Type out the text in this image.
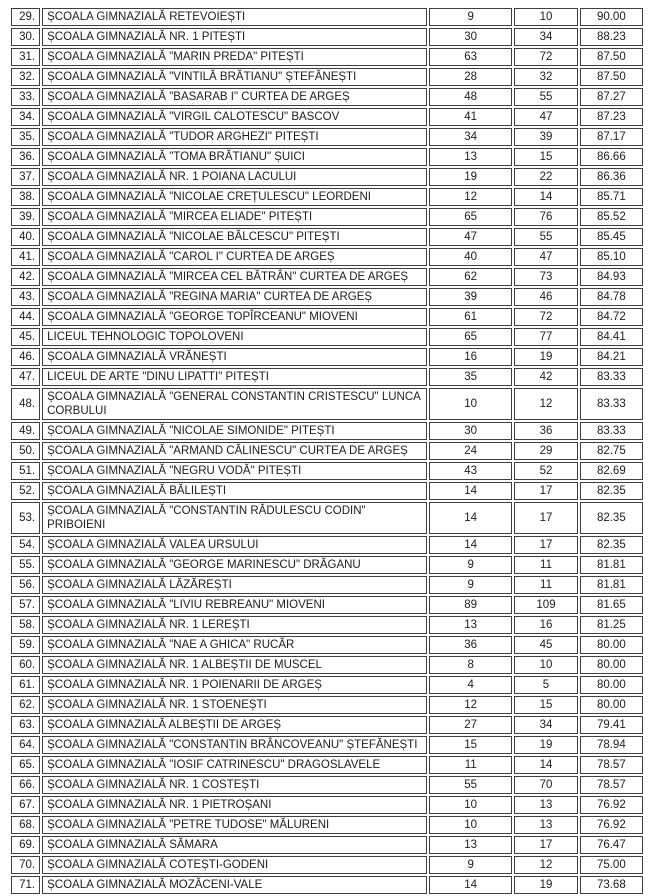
29.	ȘCOALA GIMNAZIALĂ RETEVOIEȘTI	9	10	90.00
30.	ȘCOALA GIMNAZIALĂ NR. 1 PITEȘTI	30	34	88.23
31.	ȘCOALA GIMNAZIALĂ "MARIN PREDA" PITEȘTI	63	72	87.50
32.	ȘCOALA GIMNAZIALĂ "VINTILĂ BRĂTIANU" ȘTEFĂNEȘTI	28	32	87.50
33.	ȘCOALA GIMNAZIALĂ "BASARAB I" CURTEA DE ARGEȘ	48	55	87.27
34.	ȘCOALA GIMNAZIALĂ "VIRGIL CALOTESCU" BASCOV	41	47	87.23
35.	ȘCOALA GIMNAZIALĂ "TUDOR ARGHEZI" PITEȘTI	34	39	87.17
36.	ȘCOALA GIMNAZIALĂ "TOMA BRĂTIANU" ȘUICI	13	15	86.66
37.	ȘCOALA GIMNAZIALĂ NR. 1 POIANA LACULUI	19	22	86.36
38.	ȘCOALA GIMNAZIALĂ "NICOLAE CREȚULESCU" LEORDENI	12	14	85.71
39.	ȘCOALA GIMNAZIALĂ "MIRCEA ELIADE" PITEȘTI	65	76	85.52
40.	ȘCOALA GIMNAZIALĂ "NICOLAE BĂLCESCU" PITEȘTI	47	55	85.45
41.	ȘCOALA GIMNAZIALĂ "CAROL I" CURTEA DE ARGEȘ	40	47	85.10
42.	ȘCOALA GIMNAZIALĂ "MIRCEA CEL BĂTRÂN" CURTEA DE ARGEȘ	62	73	84.93
43.	ȘCOALA GIMNAZIALĂ "REGINA MARIA" CURTEA DE ARGEȘ	39	46	84.78
44.	ȘCOALA GIMNAZIALĂ "GEORGE TOPÎRCEANU" MIOVENI	61	72	84.72
45.	LICEUL TEHNOLOGIC TOPOLOVENI	65	77	84.41
46.	ȘCOALA GIMNAZIALĂ VRĂNEȘTI	16	19	84.21
47.	LICEUL DE ARTE "DINU LIPATTI" PITEȘTI	35	42	83.33
48.	ȘCOALA GIMNAZIALĂ "GENERAL CONSTANTIN CRISTESCU" LUNCA CORBULUI	10	12	83.33
49.	ȘCOALA GIMNAZIALĂ "NICOLAE SIMONIDE" PITEȘTI	30	36	83.33
50.	ȘCOALA GIMNAZIALĂ "ARMAND CĂLINESCU" CURTEA DE ARGEȘ	24	29	82.75
51.	ȘCOALA GIMNAZIALĂ "NEGRU VODĂ" PITEȘTI	43	52	82.69
52.	ȘCOALA GIMNAZIALĂ BĂLILEȘTI	14	17	82.35
53.	ȘCOALA GIMNAZIALĂ "CONSTANTIN RĂDULESCU CODIN" PRIBOIENI	14	17	82.35
54.	ȘCOALA GIMNAZIALĂ VALEA URSULUI	14	17	82.35
55.	ȘCOALA GIMNAZIALĂ "GEORGE MARINESCU" DRĂGANU	9	11	81.81
56.	ȘCOALA GIMNAZIALĂ LĂZĂREȘTI	9	11	81.81
57.	ȘCOALA GIMNAZIALĂ "LIVIU REBREANU" MIOVENI	89	109	81.65
58.	ȘCOALA GIMNAZIALĂ NR. 1 LEREȘTI	13	16	81.25
59.	ȘCOALA GIMNAZIALĂ "NAE A GHICA" RUCĂR	36	45	80.00
60.	ȘCOALA GIMNAZIALĂ NR. 1 ALBEȘTII DE MUSCEL	8	10	80.00
61.	ȘCOALA GIMNAZIALĂ NR. 1 POIENARII DE ARGEȘ	4	5	80.00
62.	ȘCOALA GIMNAZIALĂ NR. 1 STOENEȘTI	12	15	80.00
63.	ȘCOALA GIMNAZIALĂ ALBEȘTII DE ARGEȘ	27	34	79.41
64.	ȘCOALA GIMNAZIALĂ "CONSTANTIN BRÂNCOVEANU" ȘTEFĂNEȘTI	15	19	78.94
65.	ȘCOALA GIMNAZIALĂ "IOSIF CATRINESCU" DRAGOSLAVELE	11	14	78.57
66.	ȘCOALA GIMNAZIALĂ NR. 1 COSTEȘTI	55	70	78.57
67.	ȘCOALA GIMNAZIALĂ NR. 1 PIETROȘANI	10	13	76.92
68.	ȘCOALA GIMNAZIALĂ "PETRE TUDOSE" MĂLURENI	10	13	76.92
69.	ȘCOALA GIMNAZIALĂ SĂMARA	13	17	76.47
70.	ȘCOALA GIMNAZIALĂ COTEȘTI-GODENI	9	12	75.00
71.	ȘCOALA GIMNAZIALĂ MOZĂCENI-VALE	14	19	73.68
